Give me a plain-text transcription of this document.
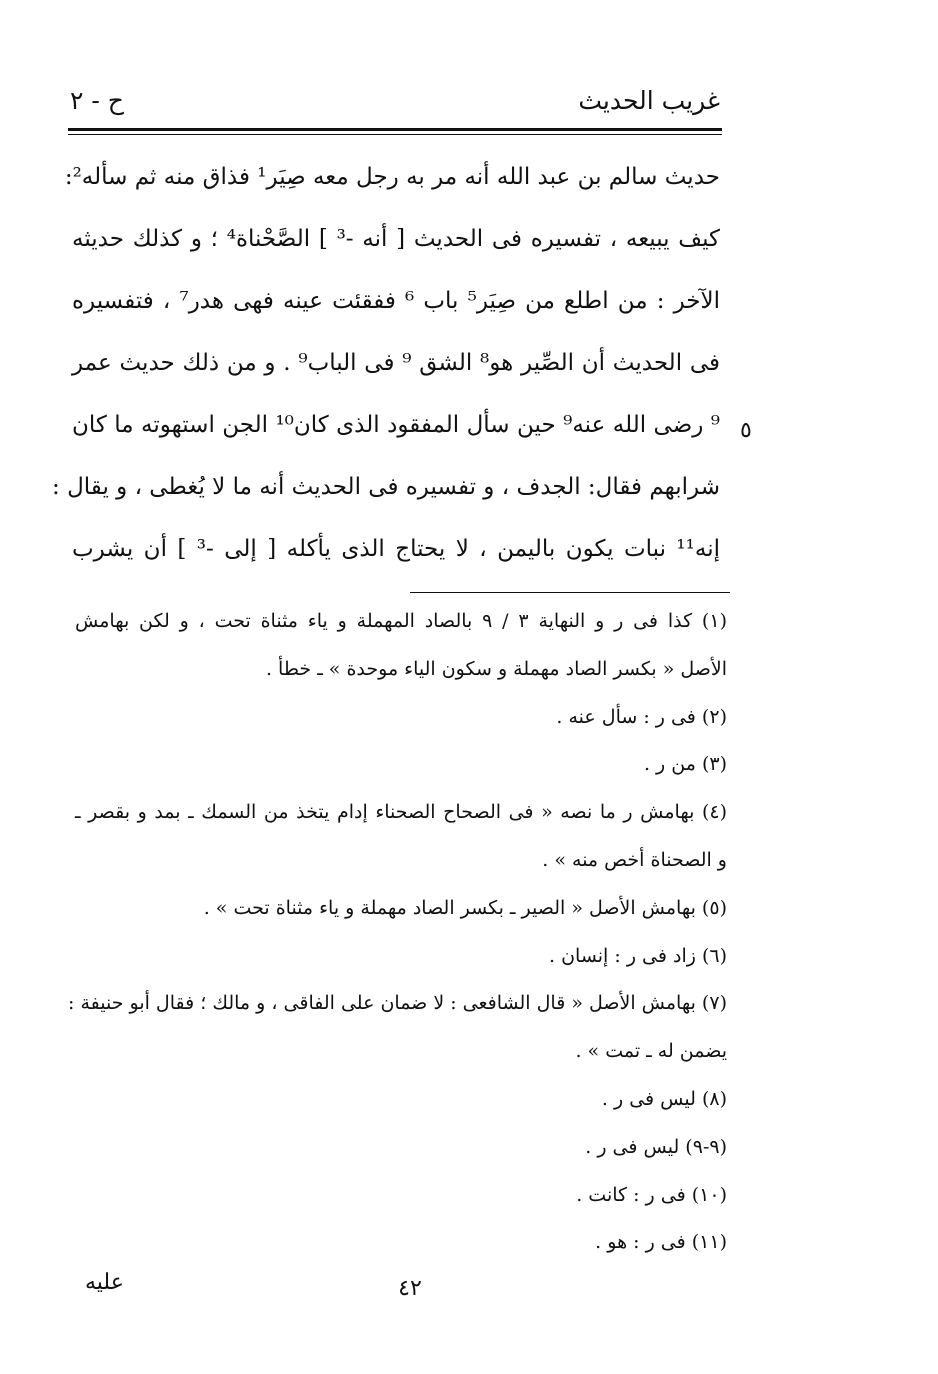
غريب الحديث
ح - ٢
حديث سالم بن عبد الله أنه مر به رجل معه صِيَر¹ فذاق منه ثم سأله²:
كيف يبيعه ، تفسيره فى الحديث [ أنه -³ ] الصَّحْناة⁴ ؛ و كذلك حديثه
الآخر : من اطلع من صِيَر⁵ باب ⁶ ففقئت عينه فهى هدر⁷ ، فتفسيره
فى الحديث أن الصِّير هو⁸ الشق ⁹ فى الباب⁹ . و من ذلك حديث عمر
⁹ رضى الله عنه⁹ حين سأل المفقود الذى كان¹⁰ الجن استهوته ما كان
شرابهم فقال: الجدف ، و تفسيره فى الحديث أنه ما لا يُغطى ، و يقال :
إنه¹¹ نبات يكون باليمن ، لا يحتاج الذى يأكله [ إلى -³ ] أن يشرب
٥
(١) كذا فى ر و النهاية ٣ / ٩ بالصاد المهملة و ياء مثناة تحت ، و لكن بهامش
الأصل « بكسر الصاد مهملة و سكون الياء موحدة » ـ خطأ .
(٢) فى ر : سأل عنه .
(٣) من ر .
(٤) بهامش ر ما نصه « فى الصحاح الصحناء إدام يتخذ من السمك ـ بمد و بقصر ـ
و الصحناة أخص منه » .
(٥) بهامش الأصل « الصير ـ بكسر الصاد مهملة و ياء مثناة تحت » .
(٦) زاد فى ر : إنسان .
(٧) بهامش الأصل « قال الشافعى : لا ضمان على الفاقى ، و مالك ؛ فقال أبو حنيفة :
يضمن له ـ تمت » .
(٨) ليس فى ر .
(٩-٩) ليس فى ر .
(١٠) فى ر : كانت .
(١١) فى ر : هو .
٤٢
عليه
